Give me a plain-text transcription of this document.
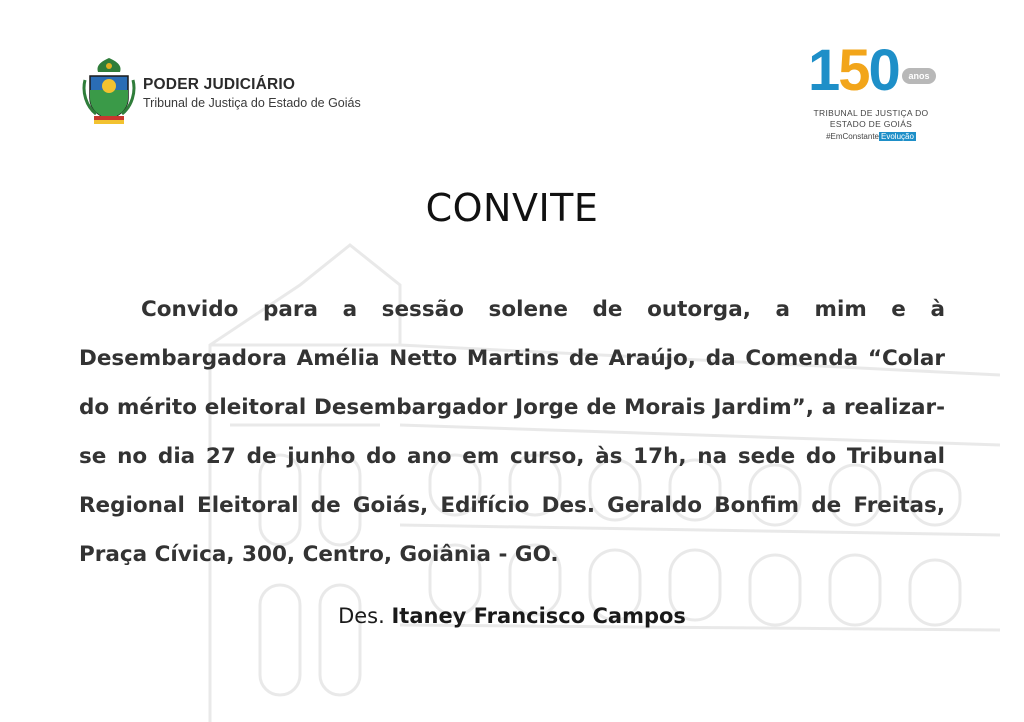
PODER JUDICIÁRIO
Tribunal de Justiça do Estado de Goiás	150	anos
TRIBUNAL DE JUSTIÇA DO
ESTADO DE GOIÁS
#EmConstante Evolução
CONVITE
Convido para a sessão solene de outorga, a mim e à Desembargadora Amélia Netto Martins de Araújo, da Comenda “Colar do mérito eleitoral Desembargador Jorge de Morais Jardim”, a realizar-se no dia 27 de junho do ano em curso, às 17h, na sede do Tribunal Regional Eleitoral de Goiás, Edifício Des. Geraldo Bonfim de Freitas, Praça Cívica, 300, Centro, Goiânia - GO.
Des. Itaney Francisco Campos
